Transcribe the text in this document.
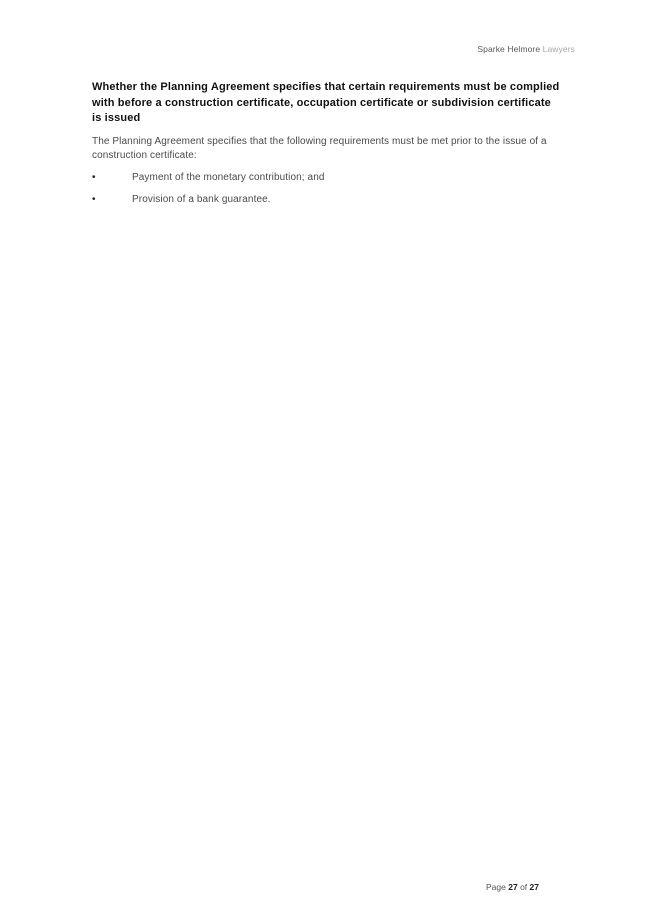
Sparke Helmore Lawyers

Whether the Planning Agreement specifies that certain requirements must be complied with before a construction certificate, occupation certificate or subdivision certificate is issued

The Planning Agreement specifies that the following requirements must be met prior to the issue of a construction certificate:

•	Payment of the monetary contribution; and
•	Provision of a bank guarantee.
Page 27 of 27
